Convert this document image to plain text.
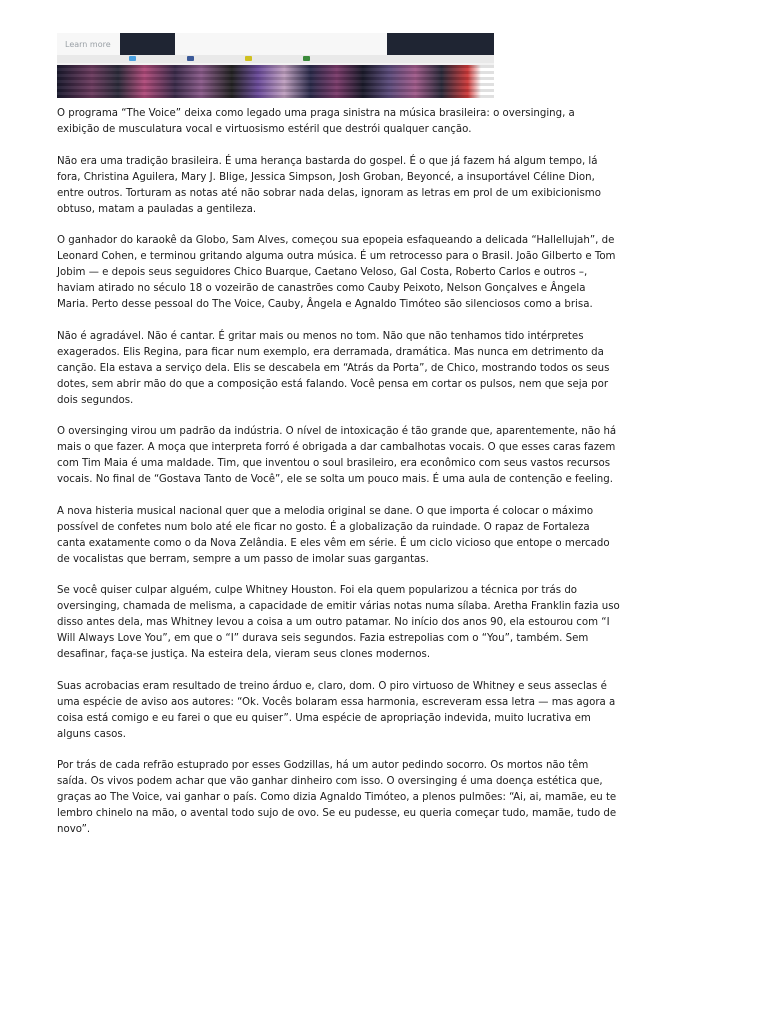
Learn more

O programa “The Voice” deixa como legado uma praga sinistra na música brasileira: o oversinging, a exibição de musculatura vocal e virtuosismo estéril que destrói qualquer canção.

Não era uma tradição brasileira. É uma herança bastarda do gospel. É o que já fazem há algum tempo, lá fora, Christina Aguilera, Mary J. Blige, Jessica Simpson, Josh Groban, Beyoncé, a insuportável Céline Dion, entre outros. Torturam as notas até não sobrar nada delas, ignoram as letras em prol de um exibicionismo obtuso, matam a pauladas a gentileza.

O ganhador do karaokê da Globo, Sam Alves, começou sua epopeia esfaqueando a delicada “Hallellujah”, de Leonard Cohen, e terminou gritando alguma outra música. É um retrocesso para o Brasil. João Gilberto e Tom Jobim — e depois seus seguidores Chico Buarque, Caetano Veloso, Gal Costa, Roberto Carlos e outros –, haviam atirado no século 18 o vozeirão de canastrões como Cauby Peixoto, Nelson Gonçalves e Ângela Maria. Perto desse pessoal do The Voice, Cauby, Ângela e Agnaldo Timóteo são silenciosos como a brisa.

Não é agradável. Não é cantar. É gritar mais ou menos no tom. Não que não tenhamos tido intérpretes exagerados. Elis Regina, para ficar num exemplo, era derramada, dramática. Mas nunca em detrimento da canção. Ela estava a serviço dela. Elis se descabela em “Atrás da Porta”, de Chico, mostrando todos os seus dotes, sem abrir mão do que a composição está falando. Você pensa em cortar os pulsos, nem que seja por dois segundos.

O oversinging virou um padrão da indústria. O nível de intoxicação é tão grande que, aparentemente, não há mais o que fazer. A moça que interpreta forró é obrigada a dar cambalhotas vocais. O que esses caras fazem com Tim Maia é uma maldade. Tim, que inventou o soul brasileiro, era econômico com seus vastos recursos vocais. No final de “Gostava Tanto de Você”, ele se solta um pouco mais. É uma aula de contenção e feeling.

A nova histeria musical nacional quer que a melodia original se dane. O que importa é colocar o máximo possível de confetes num bolo até ele ficar no gosto. É a globalização da ruindade. O rapaz de Fortaleza canta exatamente como o da Nova Zelândia. E eles vêm em série. É um ciclo vicioso que entope o mercado de vocalistas que berram, sempre a um passo de imolar suas gargantas.

Se você quiser culpar alguém, culpe Whitney Houston. Foi ela quem popularizou a técnica por trás do oversinging, chamada de melisma, a capacidade de emitir várias notas numa sílaba. Aretha Franklin fazia uso disso antes dela, mas Whitney levou a coisa a um outro patamar. No início dos anos 90, ela estourou com “I Will Always Love You”, em que o “I” durava seis segundos. Fazia estrepolias com o “You”, também. Sem desafinar, faça-se justiça. Na esteira dela, vieram seus clones modernos.

Suas acrobacias eram resultado de treino árduo e, claro, dom. O piro virtuoso de Whitney e seus asseclas é uma espécie de aviso aos autores: “Ok. Vocês bolaram essa harmonia, escreveram essa letra — mas agora a coisa está comigo e eu farei o que eu quiser”. Uma espécie de apropriação indevida, muito lucrativa em alguns casos.

Por trás de cada refrão estuprado por esses Godzillas, há um autor pedindo socorro. Os mortos não têm saída. Os vivos podem achar que vão ganhar dinheiro com isso. O oversinging é uma doença estética que, graças ao The Voice, vai ganhar o país. Como dizia Agnaldo Timóteo, a plenos pulmões: “Ai, ai, mamãe, eu te lembro chinelo na mão, o avental todo sujo de ovo. Se eu pudesse, eu queria começar tudo, mamãe, tudo de novo”.
